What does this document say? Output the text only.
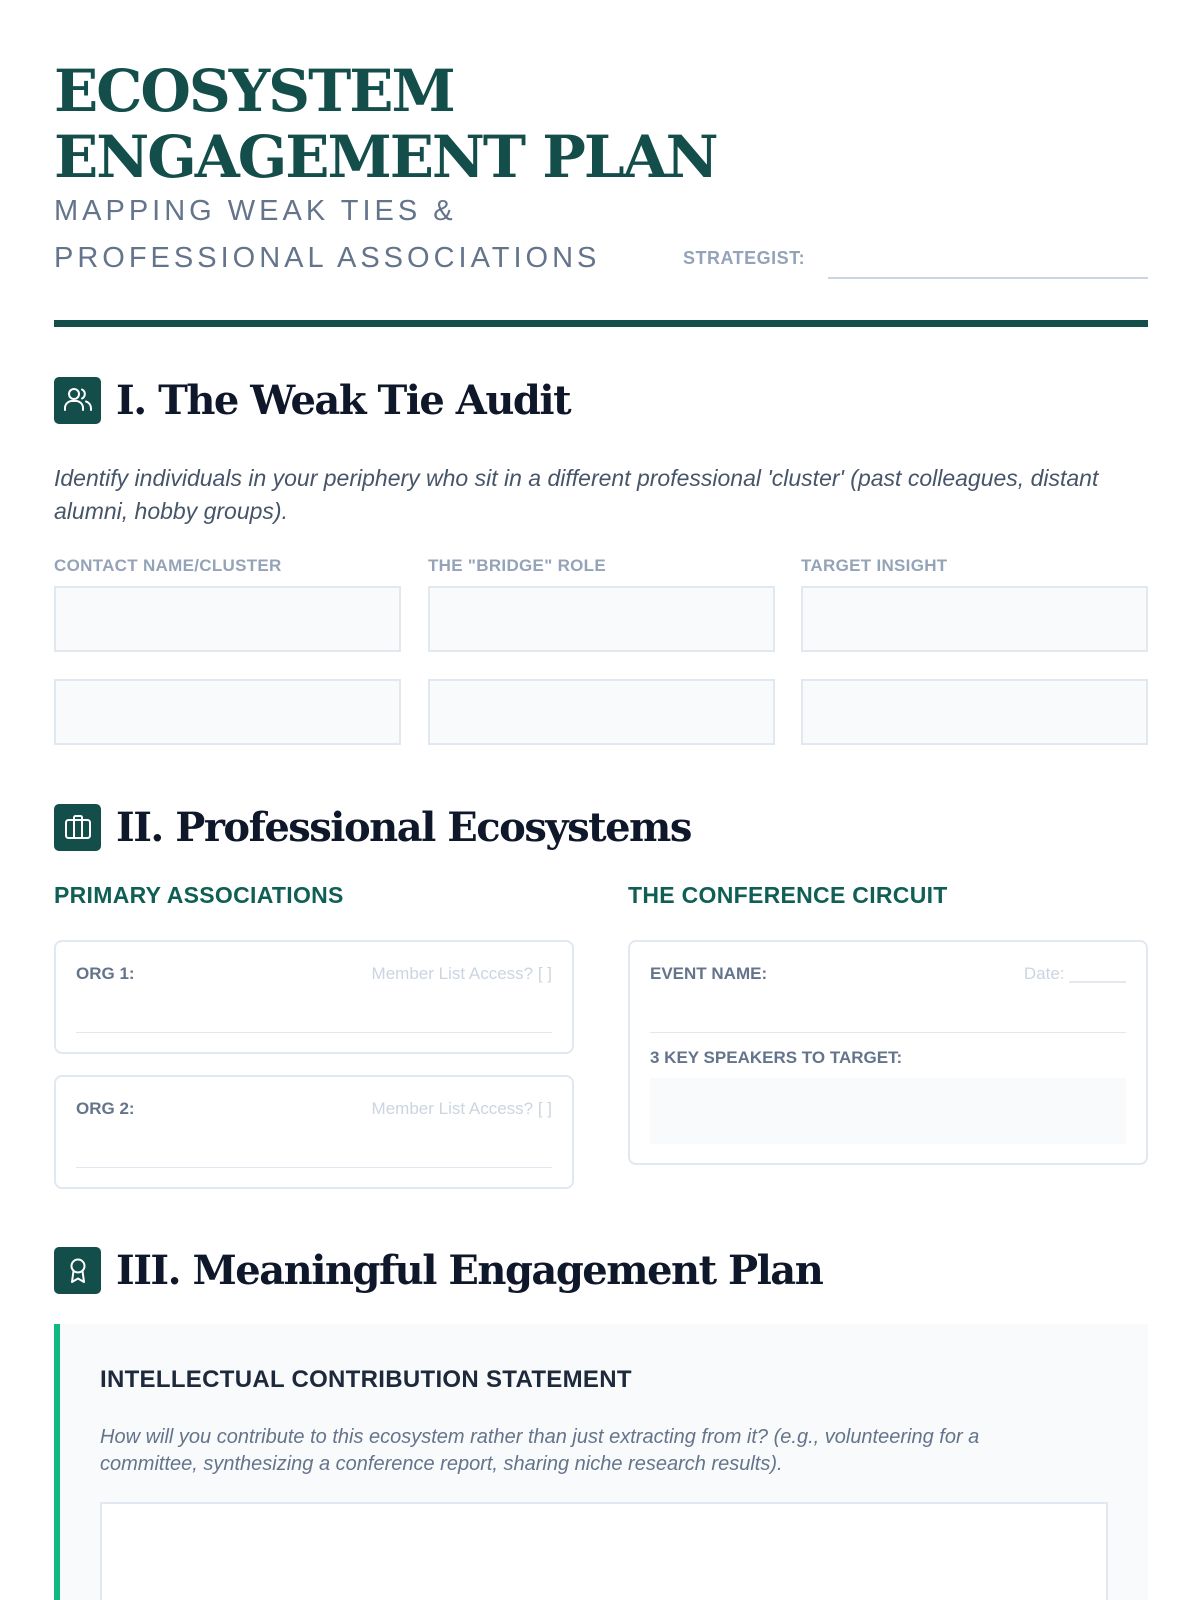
ECOSYSTEM
ENGAGEMENT PLAN
MAPPING WEAK TIES &
PROFESSIONAL ASSOCIATIONS	STRATEGIST:
I. The Weak Tie Audit
Identify individuals in your periphery who sit in a different professional 'cluster' (past colleagues, distant alumni, hobby groups).
CONTACT NAME/CLUSTER	THE "BRIDGE" ROLE	TARGET INSIGHT
II. Professional Ecosystems
PRIMARY ASSOCIATIONS	THE CONFERENCE CIRCUIT
ORG 1:	Member List Access? [ ]
ORG 2:	Member List Access? [ ]
EVENT NAME:	Date: ______
3 KEY SPEAKERS TO TARGET:
III. Meaningful Engagement Plan
INTELLECTUAL CONTRIBUTION STATEMENT
How will you contribute to this ecosystem rather than just extracting from it? (e.g., volunteering for a committee, synthesizing a conference report, sharing niche research results).
